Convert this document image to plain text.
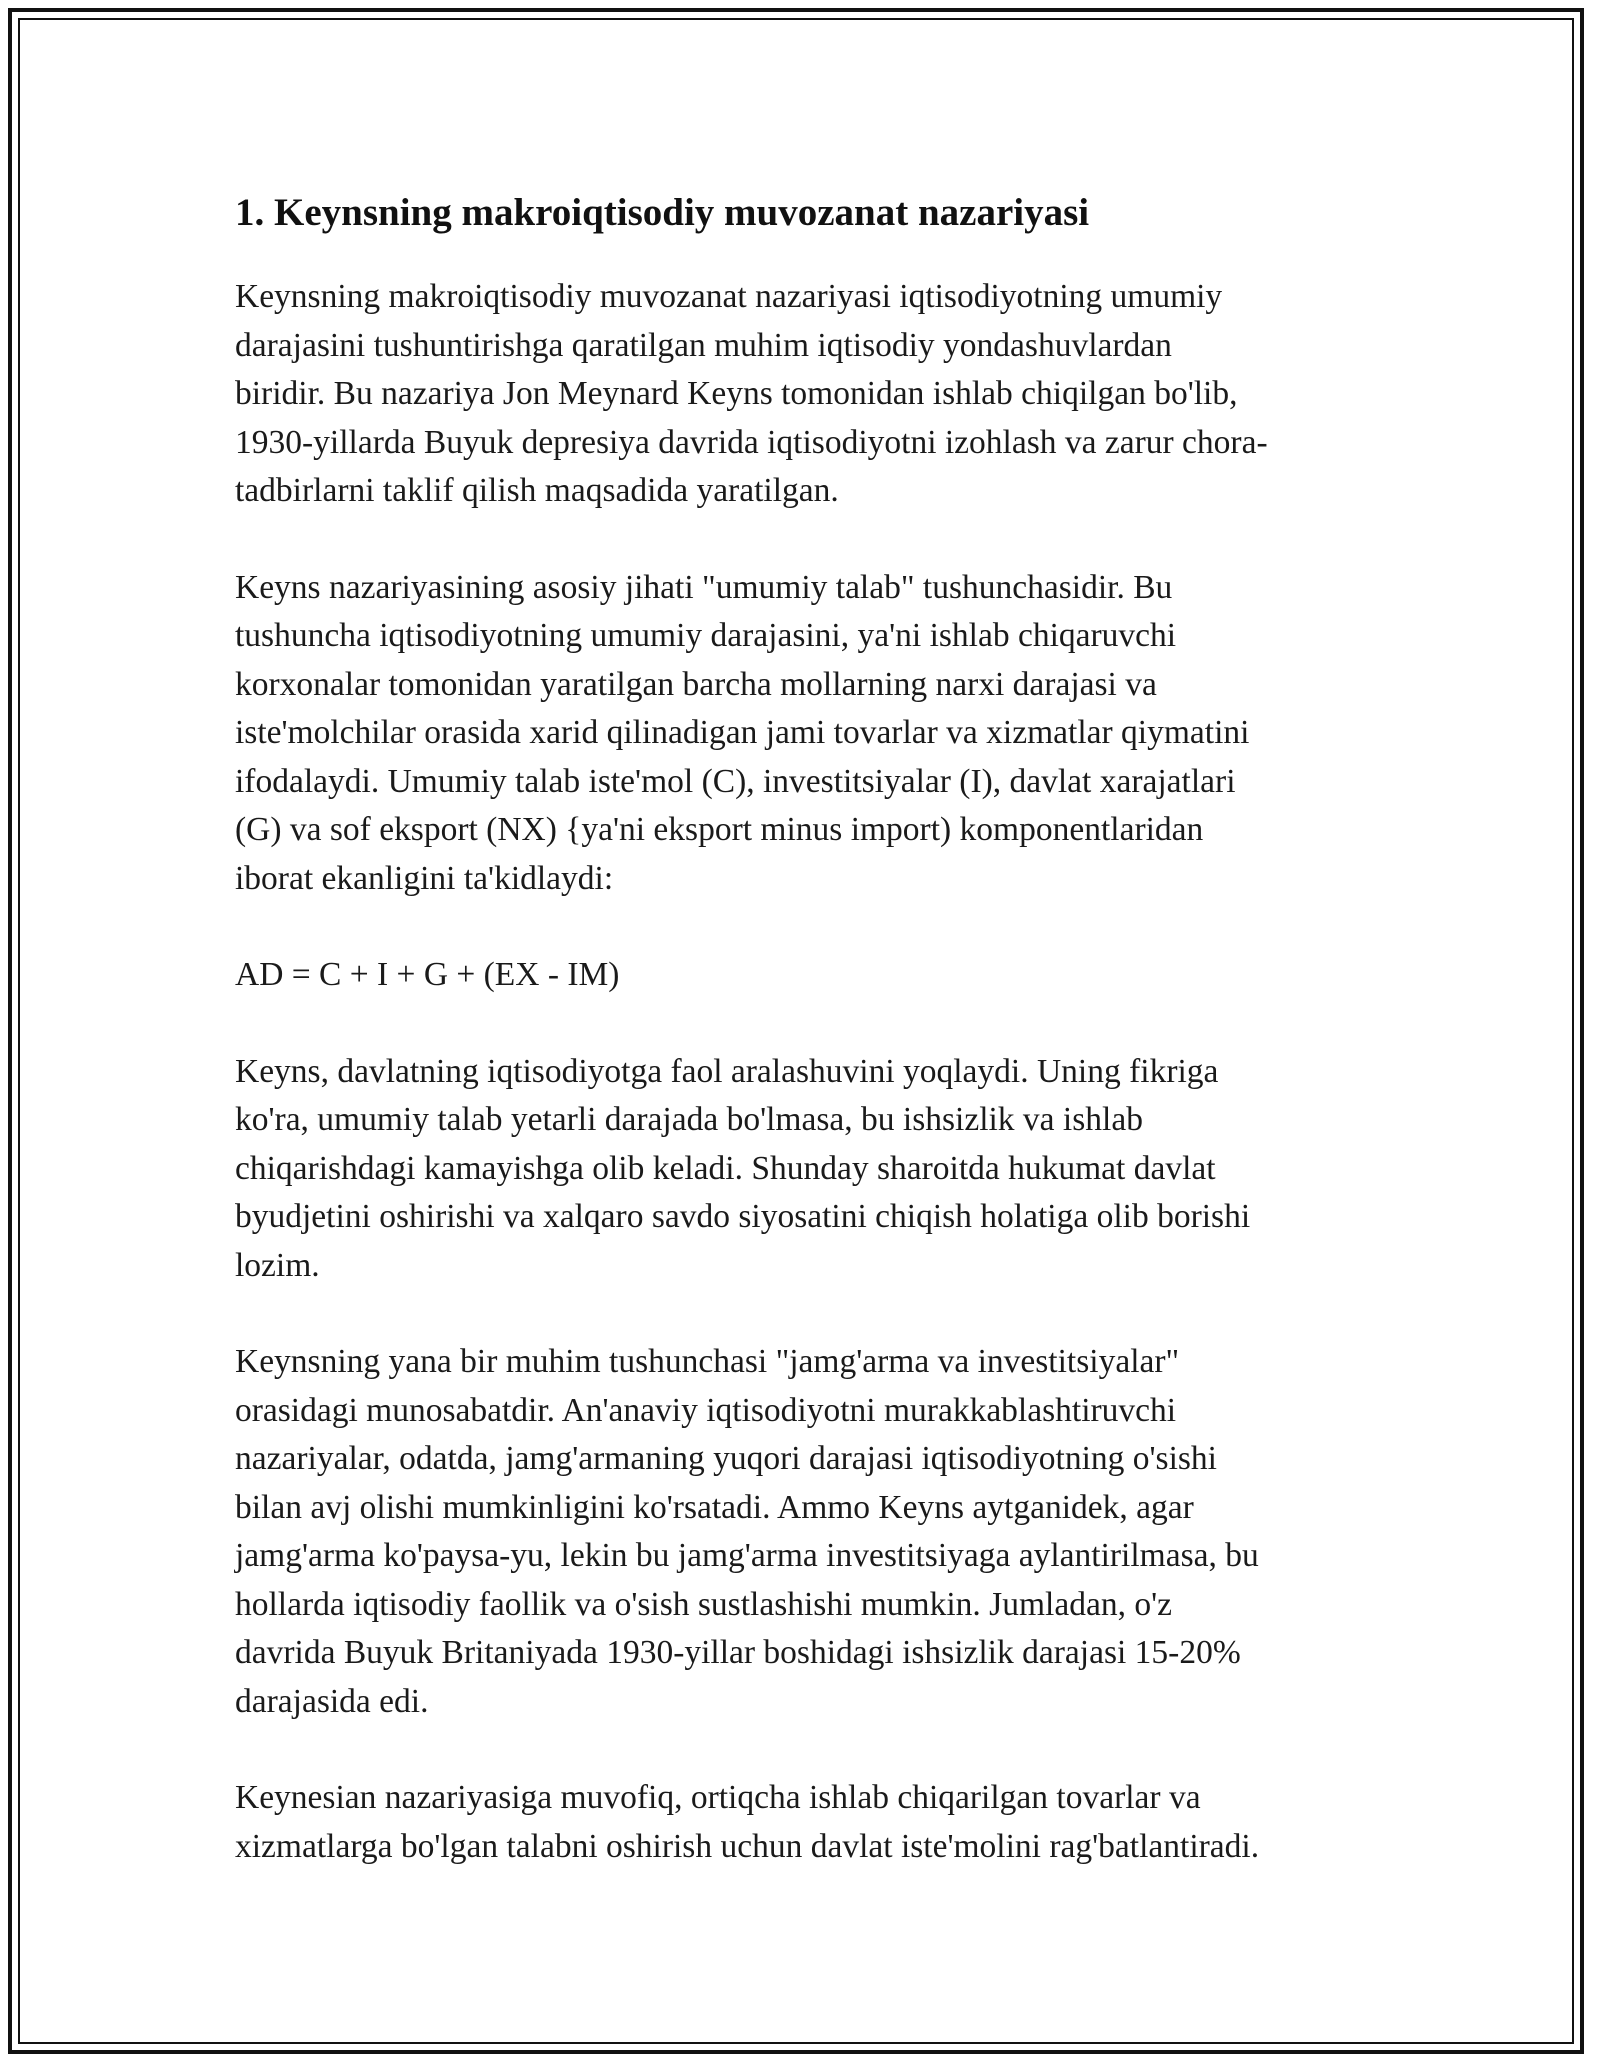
1. Keynsning makroiqtisodiy muvozanat nazariyasi

Keynsning makroiqtisodiy muvozanat nazariyasi iqtisodiyotning umumiy
darajasini tushuntirishga qaratilgan muhim iqtisodiy yondashuvlardan
biridir. Bu nazariya Jon Meynard Keyns tomonidan ishlab chiqilgan bo'lib,
1930-yillarda Buyuk depresiya davrida iqtisodiyotni izohlash va zarur chora-
tadbirlarni taklif qilish maqsadida yaratilgan.

Keyns nazariyasining asosiy jihati "umumiy talab" tushunchasidir. Bu
tushuncha iqtisodiyotning umumiy darajasini, ya'ni ishlab chiqaruvchi
korxonalar tomonidan yaratilgan barcha mollarning narxi darajasi va
iste'molchilar orasida xarid qilinadigan jami tovarlar va xizmatlar qiymatini
ifodalaydi. Umumiy talab iste'mol (C), investitsiyalar (I), davlat xarajatlari
(G) va sof eksport (NX) {ya'ni eksport minus import) komponentlaridan
iborat ekanligini ta'kidlaydi:

AD = C + I + G + (EX - IM)

Keyns, davlatning iqtisodiyotga faol aralashuvini yoqlaydi. Uning fikriga
ko'ra, umumiy talab yetarli darajada bo'lmasa, bu ishsizlik va ishlab
chiqarishdagi kamayishga olib keladi. Shunday sharoitda hukumat davlat
byudjetini oshirishi va xalqaro savdo siyosatini chiqish holatiga olib borishi
lozim.

Keynsning yana bir muhim tushunchasi "jamg'arma va investitsiyalar"
orasidagi munosabatdir. An'anaviy iqtisodiyotni murakkablashtiruvchi
nazariyalar, odatda, jamg'armaning yuqori darajasi iqtisodiyotning o'sishi
bilan avj olishi mumkinligini ko'rsatadi. Ammo Keyns aytganidek, agar
jamg'arma ko'paysa-yu, lekin bu jamg'arma investitsiyaga aylantirilmasa, bu
hollarda iqtisodiy faollik va o'sish sustlashishi mumkin. Jumladan, o'z
davrida Buyuk Britaniyada 1930-yillar boshidagi ishsizlik darajasi 15-20%
darajasida edi.

Keynesian nazariyasiga muvofiq, ortiqcha ishlab chiqarilgan tovarlar va
xizmatlarga bo'lgan talabni oshirish uchun davlat iste'molini rag'batlantiradi.
